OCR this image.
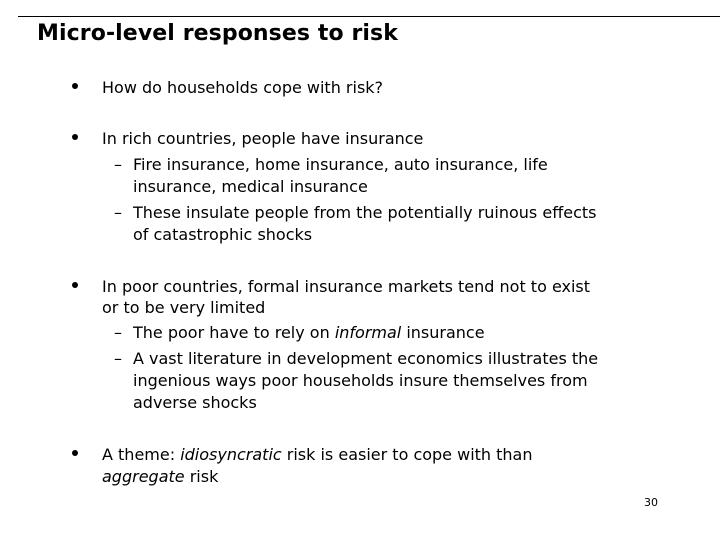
Micro-level responses to risk
How do households cope with risk?
In rich countries, people have insurance
– Fire insurance, home insurance, auto insurance, life
insurance, medical insurance
– These insulate people from the potentially ruinous effects
of catastrophic shocks
In poor countries, formal insurance markets tend not to exist
or to be very limited
– The poor have to rely on informal insurance
– A vast literature in development economics illustrates the
ingenious ways poor households insure themselves from
adverse shocks
A theme: idiosyncratic risk is easier to cope with than
aggregate risk
30
